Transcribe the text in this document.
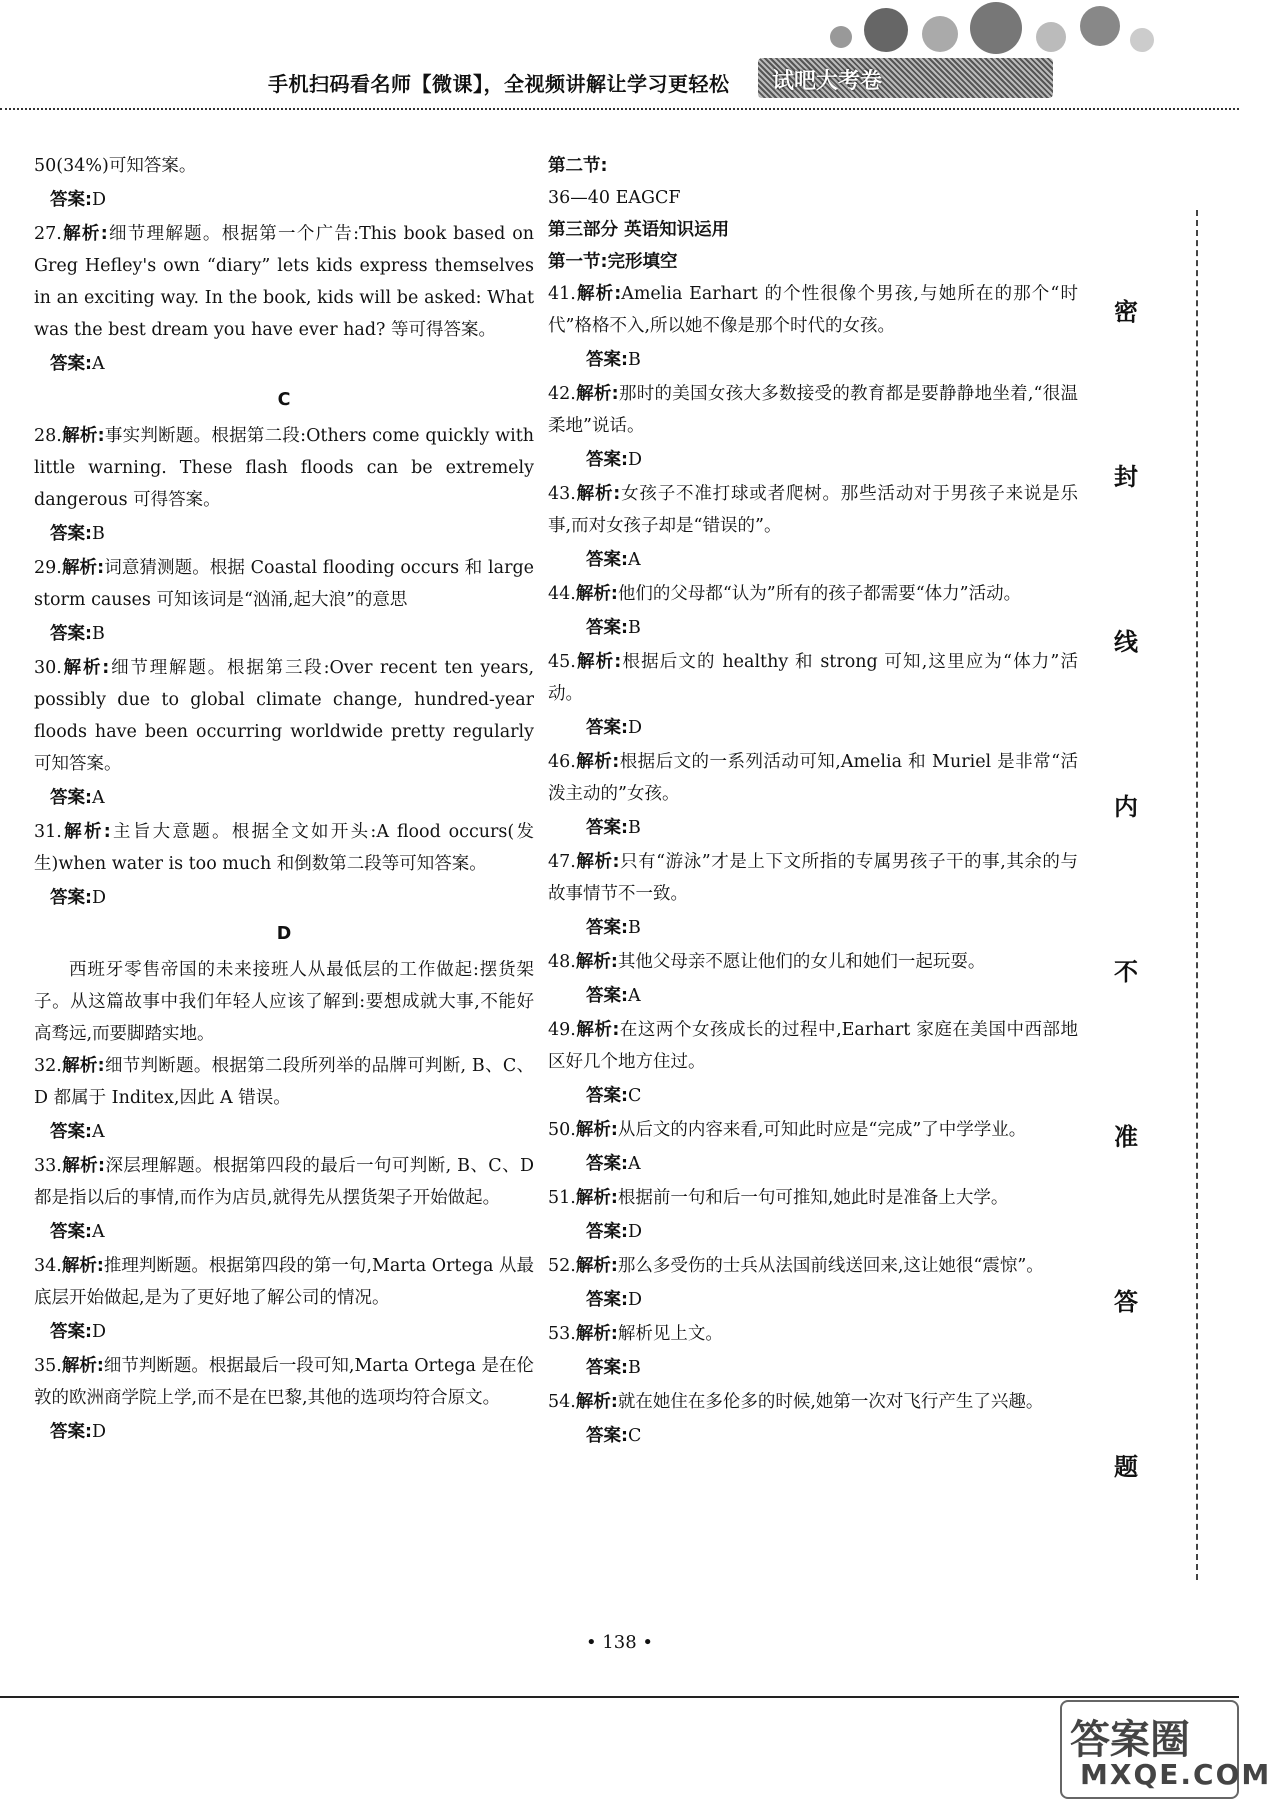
手机扫码看名师【微课】，全视频讲解让学习更轻松 试吧大考卷

50(34%)可知答案。

答案:D

27.解析:细节理解题。根据第一个广告:This book based on Greg Hefley's own “diary” lets kids express themselves in an exciting way. In the book, kids will be asked: What was the best dream you have ever had? 等可得答案。

答案:A

C

28.解析:事实判断题。根据第二段:Others come quickly with little warning. These flash floods can be extremely dangerous 可得答案。

答案:B

29.解析:词意猜测题。根据 Coastal flooding occurs 和 large storm causes 可知该词是“汹涌,起大浪”的意思

答案:B

30.解析:细节理解题。根据第三段:Over recent ten years, possibly due to global climate change, hundred-year floods have been occurring worldwide pretty regularly 可知答案。

答案:A

31.解析:主旨大意题。根据全文如开头:A flood occurs(发生)when water is too much 和倒数第二段等可知答案。

答案:D

D

西班牙零售帝国的未来接班人从最低层的工作做起:摆货架子。从这篇故事中我们年轻人应该了解到:要想成就大事,不能好高骛远,而要脚踏实地。

32.解析:细节判断题。根据第二段所列举的品牌可判断, B、C、D 都属于 Inditex,因此 A 错误。

答案:A

33.解析:深层理解题。根据第四段的最后一句可判断, B、C、D 都是指以后的事情,而作为店员,就得先从摆货架子开始做起。

答案:A

34.解析:推理判断题。根据第四段的第一句,Marta Ortega 从最底层开始做起,是为了更好地了解公司的情况。

答案:D

35.解析:细节判断题。根据最后一段可知,Marta Ortega 是在伦敦的欧洲商学院上学,而不是在巴黎,其他的选项均符合原文。

答案:D

第二节:

36—40 EAGCF

第三部分 英语知识运用

第一节:完形填空

41.解析:Amelia Earhart 的个性很像个男孩,与她所在的那个“时代”格格不入,所以她不像是那个时代的女孩。

答案:B

42.解析:那时的美国女孩大多数接受的教育都是要静静地坐着,“很温柔地”说话。

答案:D

43.解析:女孩子不准打球或者爬树。那些活动对于男孩子来说是乐事,而对女孩子却是“错误的”。

答案:A

44.解析:他们的父母都“认为”所有的孩子都需要“体力”活动。

答案:B

45.解析:根据后文的 healthy 和 strong 可知,这里应为“体力”活动。

答案:D

46.解析:根据后文的一系列活动可知,Amelia 和 Muriel 是非常“活泼主动的”女孩。

答案:B

47.解析:只有“游泳”才是上下文所指的专属男孩子干的事,其余的与故事情节不一致。

答案:B

48.解析:其他父母亲不愿让他们的女儿和她们一起玩耍。

答案:A

49.解析:在这两个女孩成长的过程中,Earhart 家庭在美国中西部地区好几个地方住过。

答案:C

50.解析:从后文的内容来看,可知此时应是“完成”了中学学业。

答案:A

51.解析:根据前一句和后一句可推知,她此时是准备上大学。

答案:D

52.解析:那么多受伤的士兵从法国前线送回来,这让她很“震惊”。

答案:D

53.解析:解析见上文。

答案:B

54.解析:就在她住在多伦多的时候,她第一次对飞行产生了兴趣。

答案:C

密
封
线
内
不
准
答
题
• 138 •
答案圈
MXQE.COM
